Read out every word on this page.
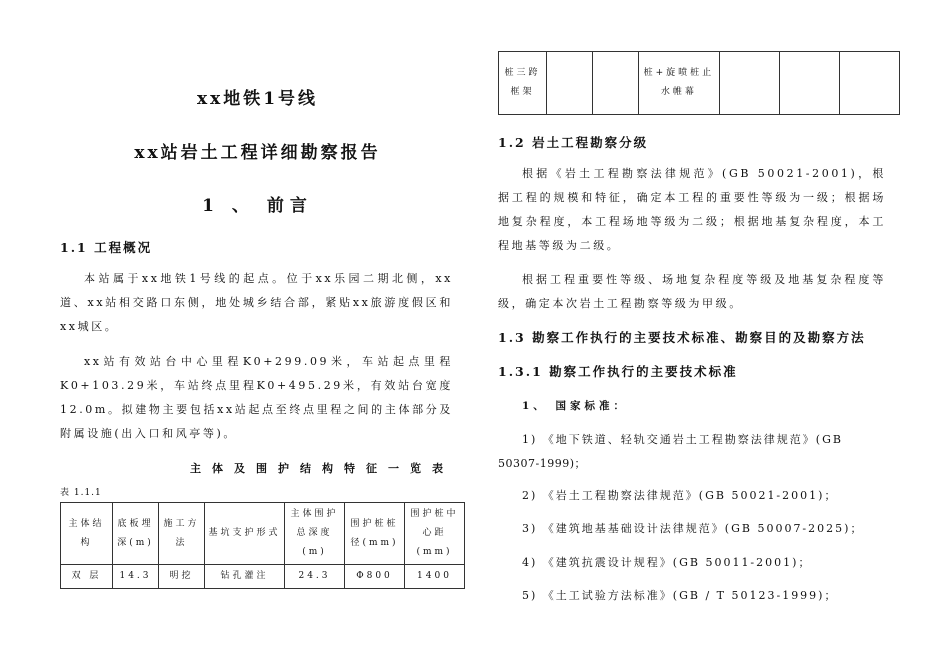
xx地铁1号线
xx站岩土工程详细勘察报告
1 、 前言
1.1 工程概况
本站属于xx地铁1号线的起点。位于xx乐园二期北侧，xx道、xx站相交路口东侧，地处城乡结合部，紧贴xx旅游度假区和xx城区。
xx站有效站台中心里程K0+299.09米，车站起点里程K0+103.29米，车站终点里程K0+495.29米，有效站台宽度12.0m。拟建物主要包括xx站起点至终点里程之间的主体部分及附属设施(出入口和风亭等)。
主体及围护结构特征一览表
表 1.1.1
主体结构	底板埋深(m)	施工方法	基坑支护形式	主体围护总深度(m)	围护桩桩径(mm)	围护桩中心距(mm)
双 层	14.3	明挖	钻孔灌注	24.3	Φ800	1400
桩三跨框架			桩+旋喷桩止水帷幕			
1.2 岩土工程勘察分级
根据《岩土工程勘察法律规范》(GB 50021-2001)，根据工程的规模和特征，确定本工程的重要性等级为一级；根据场地复杂程度，本工程场地等级为二级；根据地基复杂程度，本工程地基等级为二级。
根据工程重要性等级、场地复杂程度等级及地基复杂程度等级，确定本次岩土工程勘察等级为甲级。
1.3 勘察工作执行的主要技术标准、勘察目的及勘察方法
1.3.1 勘察工作执行的主要技术标准
1、 国家标准：
1) 《地下铁道、轻轨交通岩土工程勘察法律规范》(GB
50307-1999)；
2) 《岩土工程勘察法律规范》(GB 50021-2001)；
3) 《建筑地基基础设计法律规范》(GB 50007-2025)；
4) 《建筑抗震设计规程》(GB 50011-2001)；
5) 《土工试验方法标准》(GB / T 50123-1999)；
